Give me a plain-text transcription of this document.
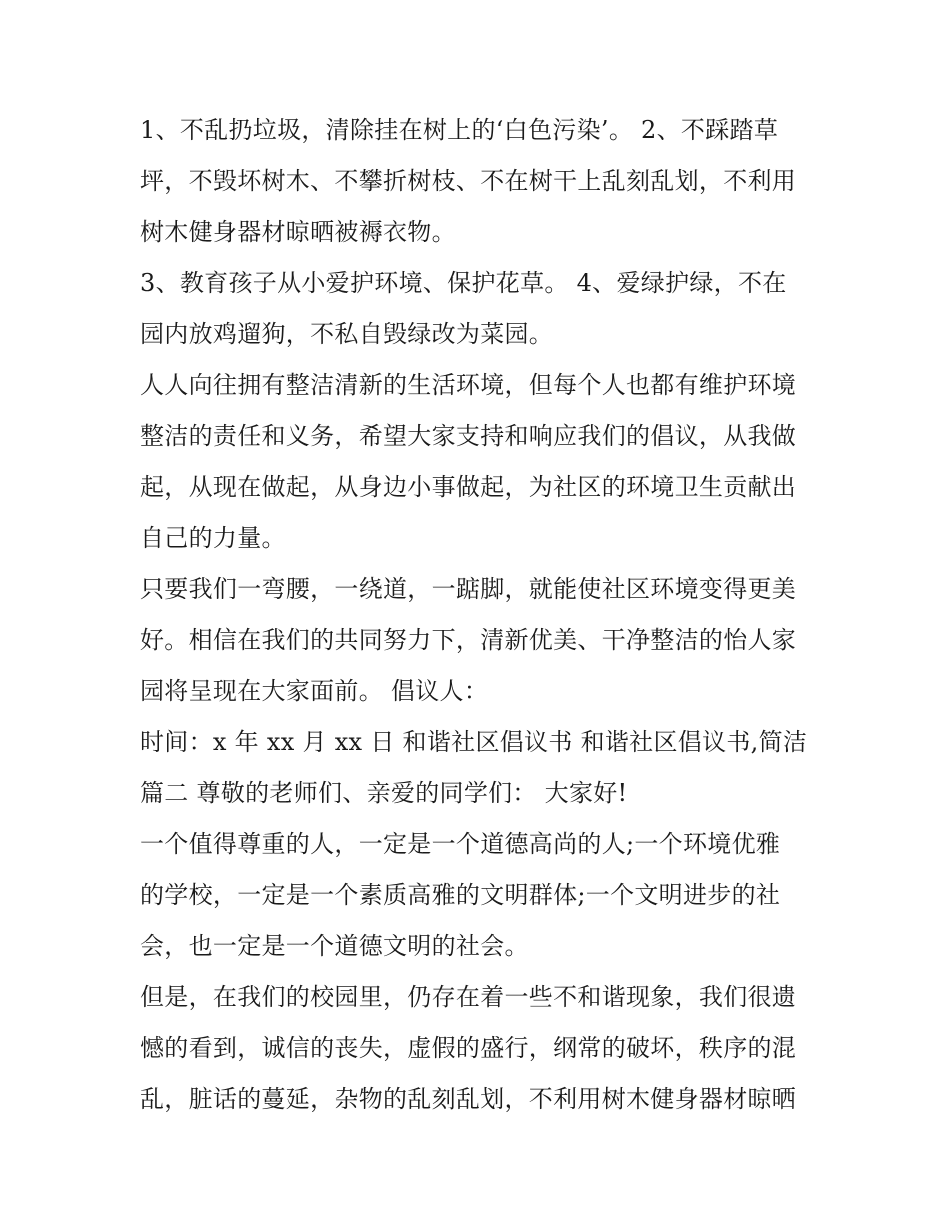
1、不乱扔垃圾，清除挂在树上的‘白色污染’。 2、不踩踏草
坪，不毁坏树木、不攀折树枝、不在树干上乱刻乱划，不利用
树木健身器材晾晒被褥衣物。
3、教育孩子从小爱护环境、保护花草。 4、爱绿护绿，不在
园内放鸡遛狗，不私自毁绿改为菜园。
人人向往拥有整洁清新的生活环境，但每个人也都有维护环境
整洁的责任和义务，希望大家支持和响应我们的倡议，从我做
起，从现在做起，从身边小事做起，为社区的环境卫生贡献出
自己的力量。
只要我们一弯腰，一绕道，一踮脚，就能使社区环境变得更美
好。相信在我们的共同努力下，清新优美、干净整洁的怡人家
园将呈现在大家面前。 倡议人：
时间：x 年 xx 月 xx 日 和谐社区倡议书 和谐社区倡议书,简洁
篇二 尊敬的老师们、亲爱的同学们： 大家好!
一个值得尊重的人，一定是一个道德高尚的人;一个环境优雅
的学校，一定是一个素质高雅的文明群体;一个文明进步的社
会，也一定是一个道德文明的社会。
但是，在我们的校园里，仍存在着一些不和谐现象，我们很遗
憾的看到，诚信的丧失，虚假的盛行，纲常的破坏，秩序的混
乱，脏话的蔓延，杂物的乱刻乱划，不利用树木健身器材晾晒
